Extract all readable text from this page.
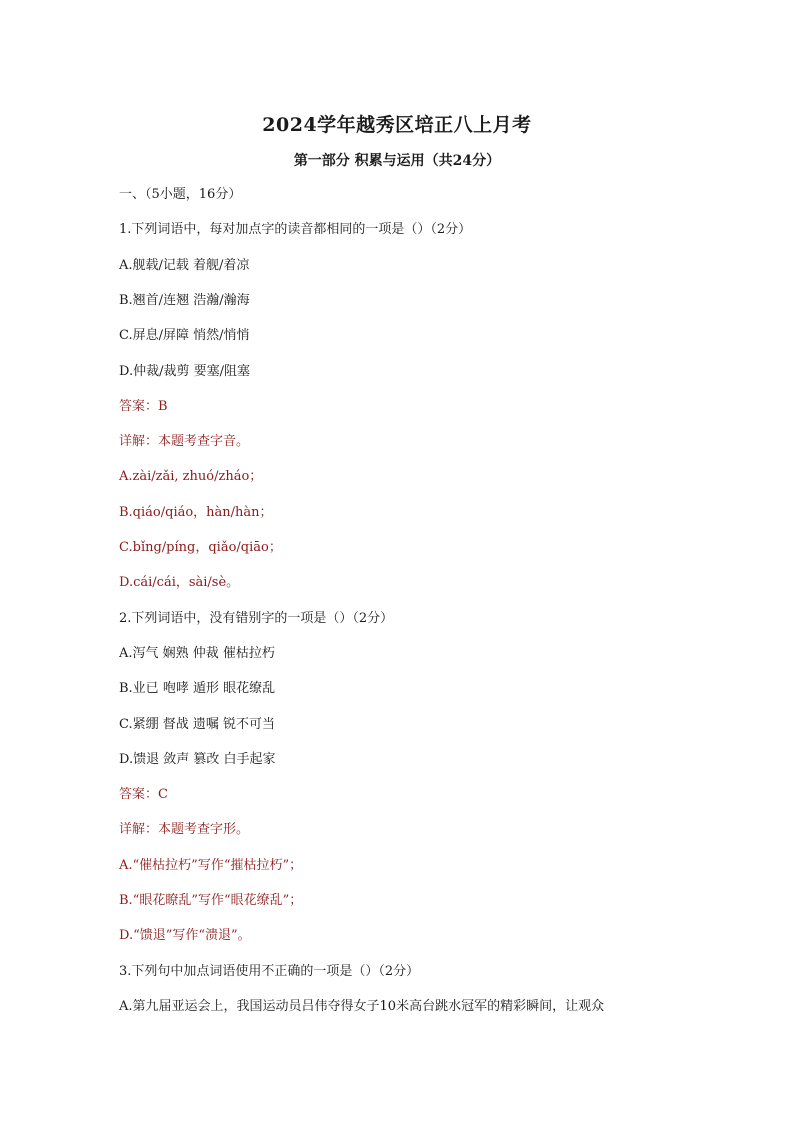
2024学年越秀区培正八上月考
第一部分 积累与运用（共24分）
一、（5小题，16分）
1.下列词语中，每对加点字的读音都相同的一项是（）（2分）
A.舰载/记载 着舰/着凉
B.翘首/连翘 浩瀚/瀚海
C.屏息/屏障 悄然/悄悄
D.仲裁/裁剪 要塞/阻塞
答案：B
详解：本题考查字音。
A.zài/zǎi, zhuó/zháo；
B.qiáo/qiáo，hàn/hàn；
C.bǐng/píng，qiǎo/qiāo；
D.cái/cái，sài/sè。
2.下列词语中，没有错别字的一项是（）（2分）
A.泻气 娴熟 仲裁 催枯拉朽
B.业已 咆哮 遁形 眼花缭乱
C.紧绷 督战 遗嘱 锐不可当
D.馈退 敛声 篡改 白手起家
答案：C
详解：本题考查字形。
A.“催枯拉朽”写作“摧枯拉朽”；
B.“眼花瞭乱”写作“眼花缭乱”；
D.“馈退”写作“溃退”。
3.下列句中加点词语使用不正确的一项是（）（2分）
A.第九届亚运会上，我国运动员吕伟夺得女子10米高台跳水冠军的精彩瞬间，让观众
